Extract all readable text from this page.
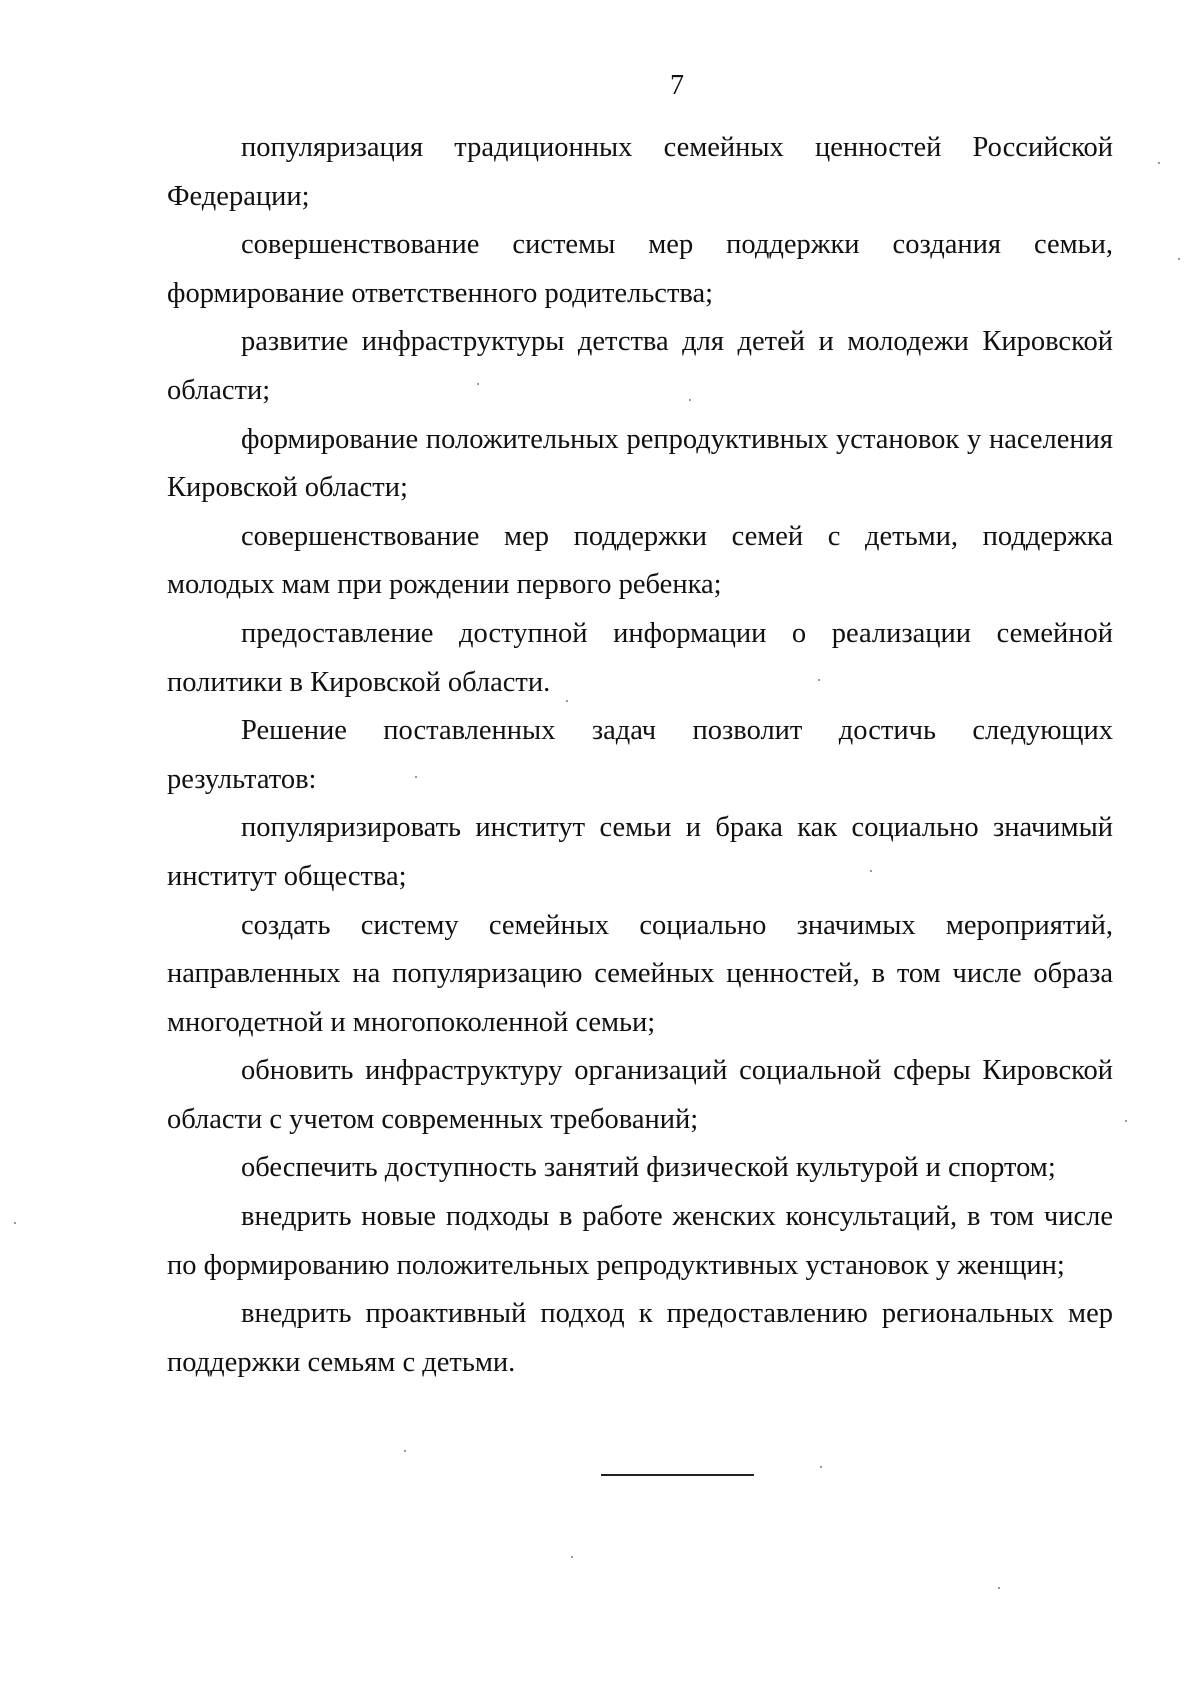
7

популяризация традиционных семейных ценностей Российской Федерации;

совершенствование системы мер поддержки создания семьи, формирование ответственного родительства;

развитие инфраструктуры детства для детей и молодежи Кировской области;

формирование положительных репродуктивных установок у населения Кировской области;

совершенствование мер поддержки семей с детьми, поддержка молодых мам при рождении первого ребенка;

предоставление доступной информации о реализации семейной политики в Кировской области.

Решение поставленных задач позволит достичь следующих результатов:

популяризировать институт семьи и брака как социально значимый институт общества;

создать систему семейных социально значимых мероприятий, направленных на популяризацию семейных ценностей, в том числе образа многодетной и многопоколенной семьи;

обновить инфраструктуру организаций социальной сферы Кировской области с учетом современных требований;

обеспечить доступность занятий физической культурой и спортом;

внедрить новые подходы в работе женских консультаций, в том числе по формированию положительных репродуктивных установок у женщин;

внедрить проактивный подход к предоставлению региональных мер поддержки семьям с детьми.
